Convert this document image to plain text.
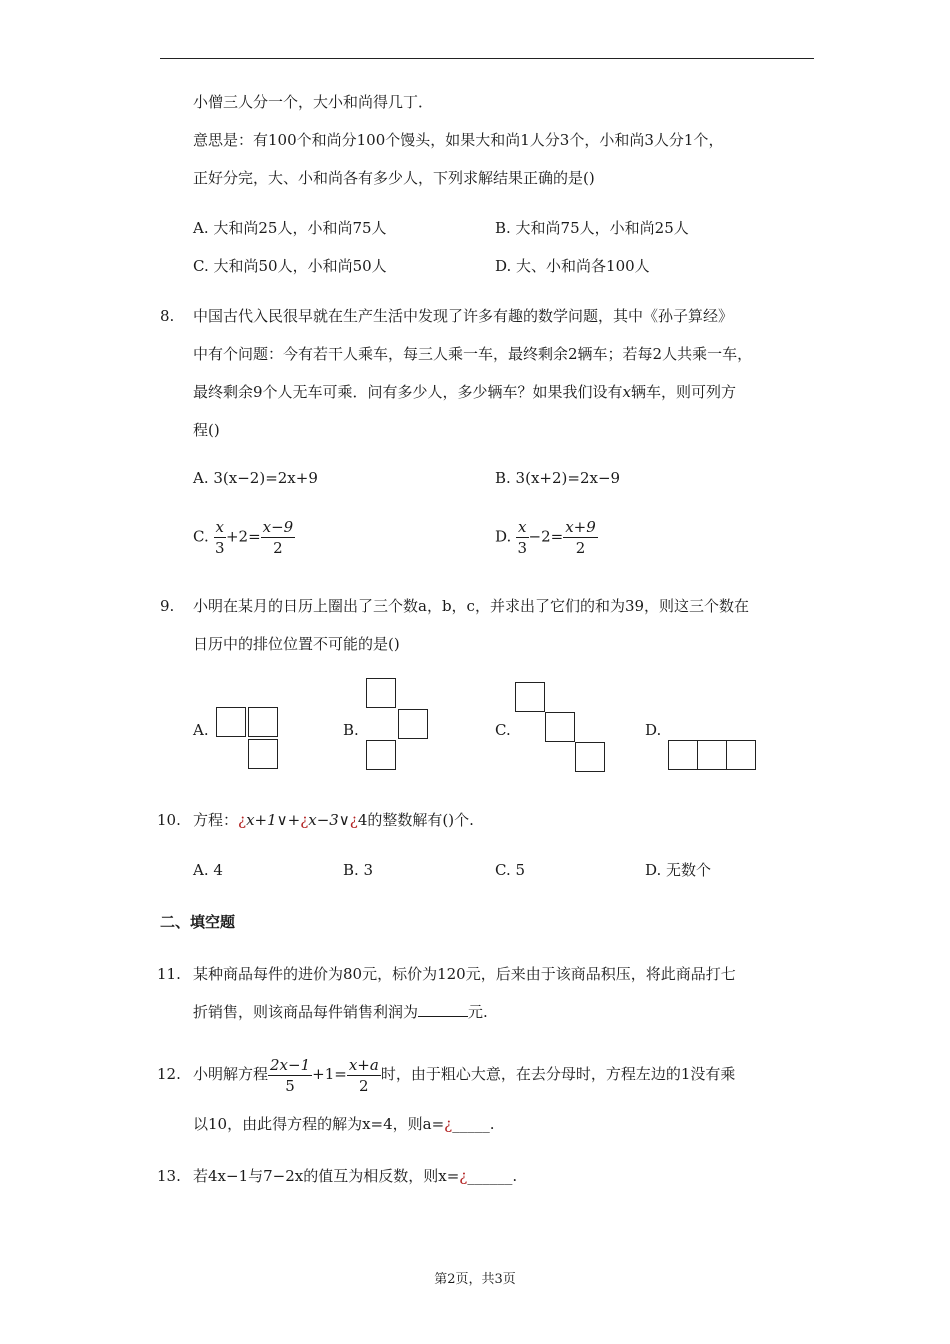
小僧三人分一个，大小和尚得几丁．
意思是：有100个和尚分100个馒头，如果大和尚1人分3个，小和尚3人分1个，
正好分完，大、小和尚各有多少人，下列求解结果正确的是()
A. 大和尚25人，小和尚75人	B. 大和尚75人，小和尚25人
C. 大和尚50人，小和尚50人	D. 大、小和尚各100人
8. 中国古代入民很早就在生产生活中发现了许多有趣的数学问题，其中《孙子算经》
中有个问题：今有若干人乘车，每三人乘一车，最终剩余2辆车；若每2人共乘一车，
最终剩余9个人无车可乘．问有多少人，多少辆车？如果我们设有x辆车，则可列方
程()
A. 3(x−2)=2x+9	B. 3(x+2)=2x−9
C. $\frac{x}{3} +2= \frac{x-9}{2}$	D. $\frac{x}{3} -2= \frac{x+9}{2}$
9. 小明在某月的日历上圈出了三个数a，b，c，并求出了它们的和为39，则这三个数在
日历中的排位位置不可能的是()
A.	B.	C.	D.
10. 方程：¿x+1∨+¿x−3∨¿4的整数解有()个.
A. 4	B. 3	C. 5	D. 无数个
二、填空题
11. 某种商品每件的进价为80元，标价为120元，后来由于该商品积压，将此商品打七
折销售，则该商品每件销售利润为	元.
12. 小明解方程 $\frac{2x-1}{5} +1= \frac{x+a}{2}$ 时，由于粗心大意，在去分母时，方程左边的1没有乘
以10，由此得方程的解为x=4，则a=¿_____.
13. 若4x−1与7−2x的值互为相反数，则x=¿______.
第2页，共3页
